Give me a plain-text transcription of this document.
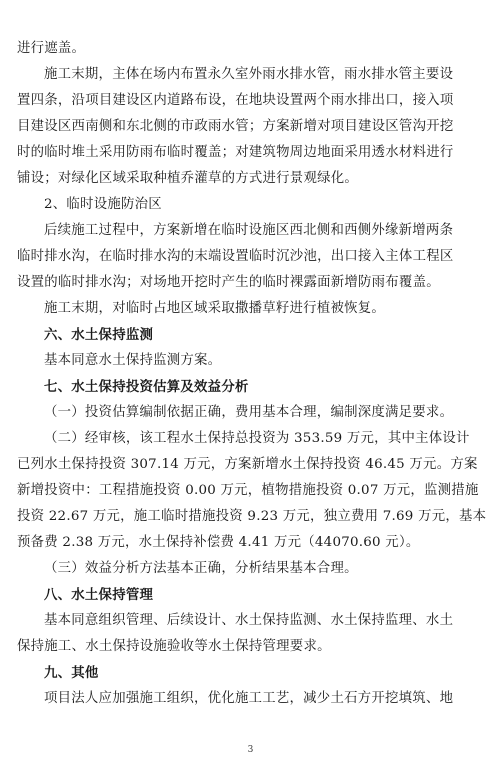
进行遮盖。
施工末期，主体在场内布置永久室外雨水排水管，雨水排水管主要设
置四条，沿项目建设区内道路布设，在地块设置两个雨水排出口，接入项
目建设区西南侧和东北侧的市政雨水管；方案新增对项目建设区管沟开挖
时的临时堆土采用防雨布临时覆盖；对建筑物周边地面采用透水材料进行
铺设；对绿化区域采取种植乔灌草的方式进行景观绿化。
2、临时设施防治区
后续施工过程中，方案新增在临时设施区西北侧和西侧外缘新增两条
临时排水沟，在临时排水沟的末端设置临时沉沙池，出口接入主体工程区
设置的临时排水沟；对场地开挖时产生的临时裸露面新增防雨布覆盖。
施工末期，对临时占地区域采取撒播草籽进行植被恢复。
六、水土保持监测
基本同意水土保持监测方案。
七、水土保持投资估算及效益分析
（一）投资估算编制依据正确，费用基本合理，编制深度满足要求。
（二）经审核，该工程水土保持总投资为 353.59 万元，其中主体设计
已列水土保持投资 307.14 万元，方案新增水土保持投资 46.45 万元。方案
新增投资中：工程措施投资 0.00 万元，植物措施投资 0.07 万元，监测措施
投资 22.67 万元，施工临时措施投资 9.23 万元，独立费用 7.69 万元，基本
预备费 2.38 万元，水土保持补偿费 4.41 万元（44070.60 元）。
（三）效益分析方法基本正确，分析结果基本合理。
八、水土保持管理
基本同意组织管理、后续设计、水土保持监测、水土保持监理、水土
保持施工、水土保持设施验收等水土保持管理要求。
九、其他
项目法人应加强施工组织，优化施工工艺，减少土石方开挖填筑、地
3
